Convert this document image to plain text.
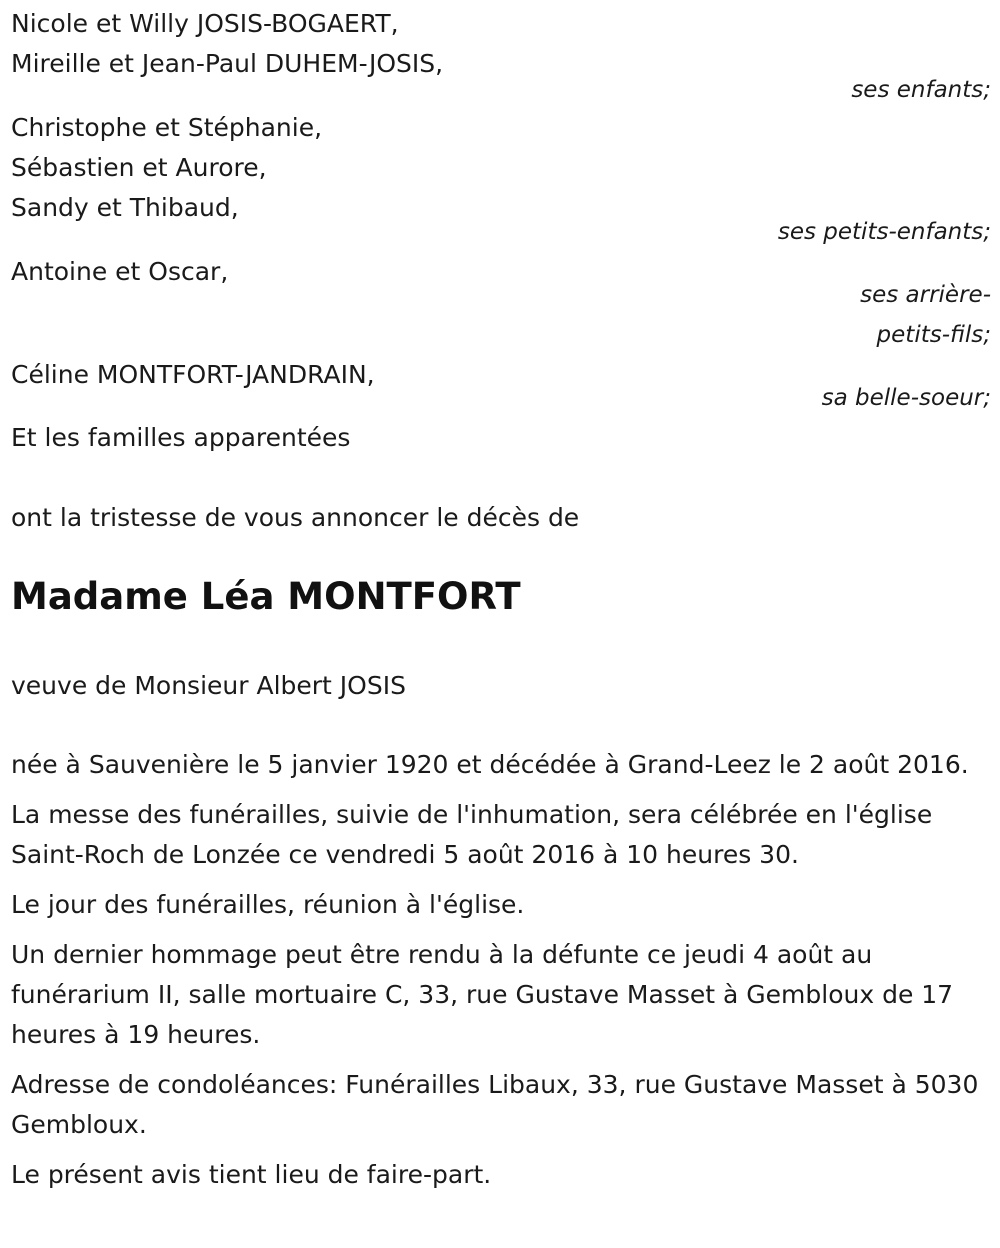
Nicole et Willy JOSIS-BOGAERT,
Mireille et Jean-Paul DUHEM-JOSIS,
ses enfants;
Christophe et Stéphanie,
Sébastien et Aurore,
Sandy et Thibaud,
ses petits-enfants;
Antoine et Oscar,
ses arrière-
petits-fils;
Céline MONTFORT-JANDRAIN,
sa belle-soeur;
Et les familles apparentées
ont la tristesse de vous annoncer le décès de
Madame Léa MONTFORT
veuve de Monsieur Albert JOSIS

née à Sauvenière le 5 janvier 1920 et décédée à Grand-Leez le 2 août 2016.

La messe des funérailles, suivie de l'inhumation, sera célébrée en l'église Saint-Roch de Lonzée ce vendredi 5 août 2016 à 10 heures 30.

Le jour des funérailles, réunion à l'église.

Un dernier hommage peut être rendu à la défunte ce jeudi 4 août au funérarium II, salle mortuaire C, 33, rue Gustave Masset à Gembloux de 17 heures à 19 heures.

Adresse de condoléances: Funérailles Libaux, 33, rue Gustave Masset à 5030 Gembloux.

Le présent avis tient lieu de faire-part.
